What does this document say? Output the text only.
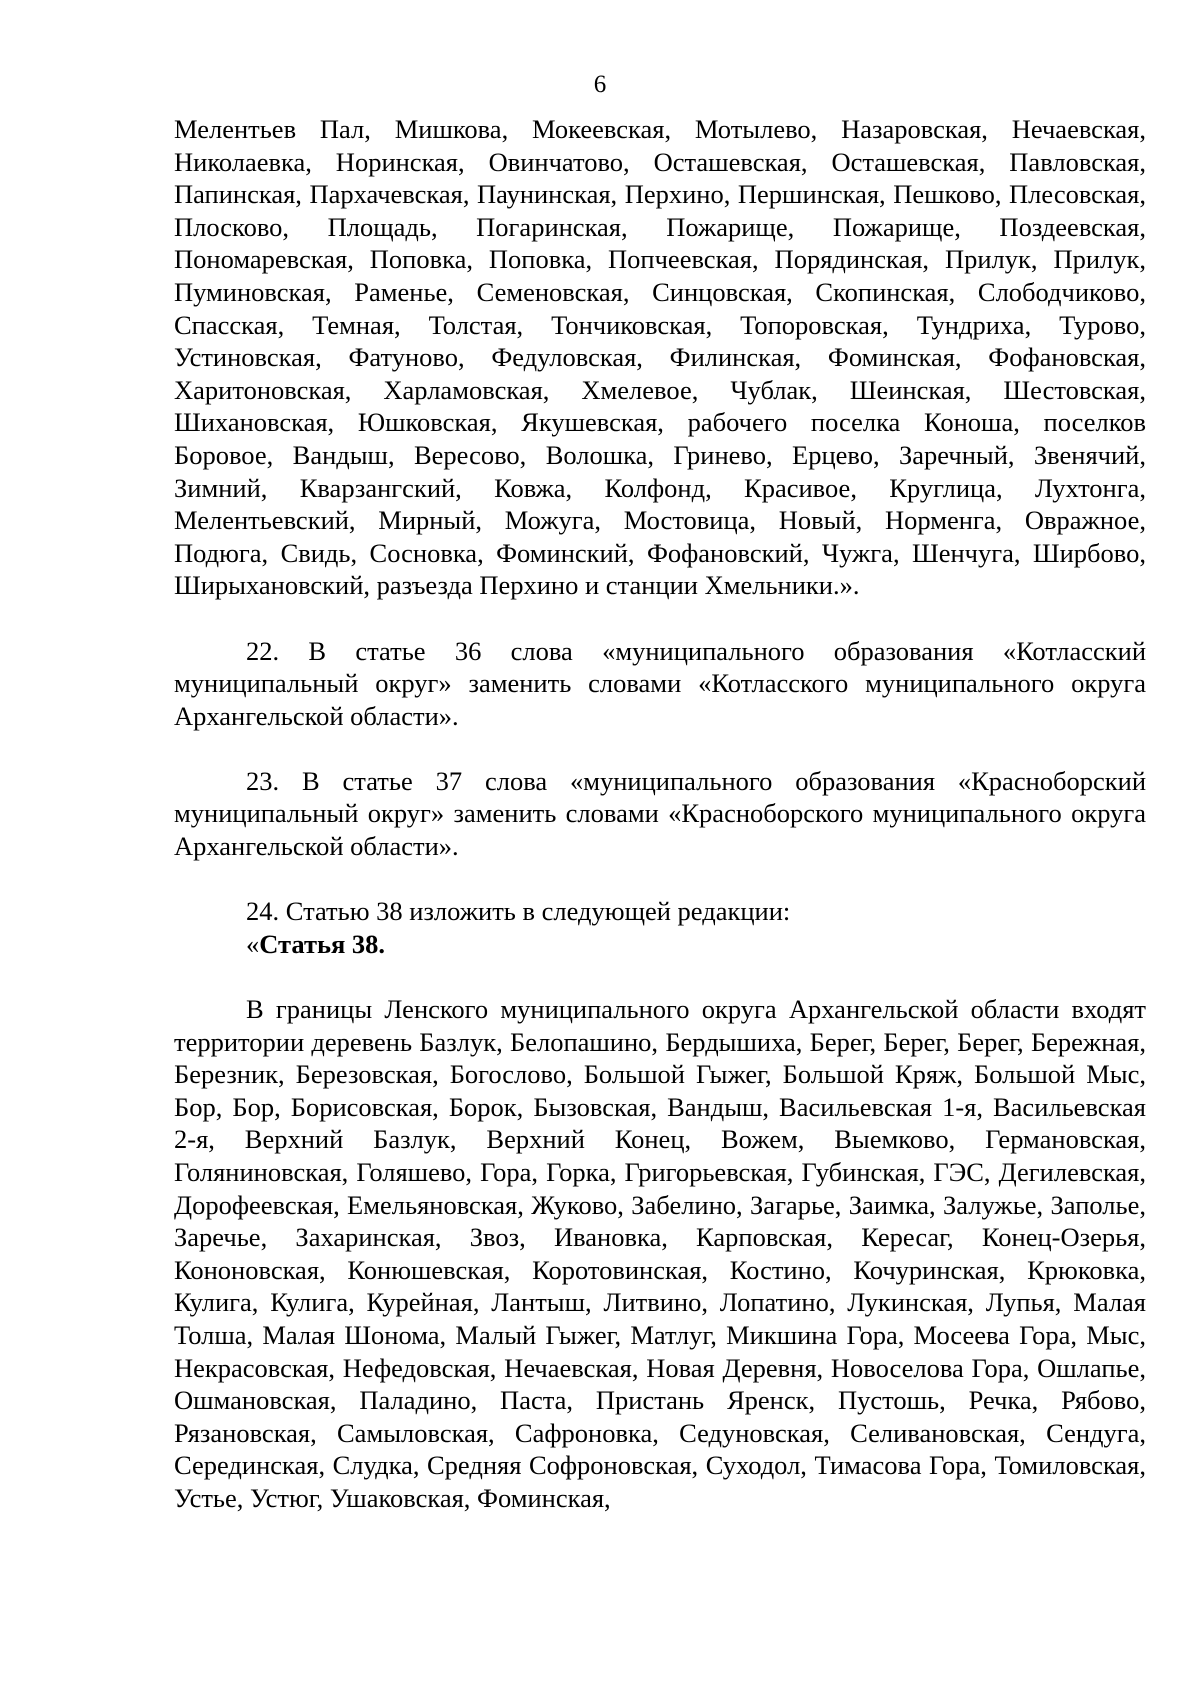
6

Мелентьев Пал, Мишкова, Мокеевская, Мотылево, Назаровская, Нечаевская, Николаевка, Норинская, Овинчатово, Осташевская, Осташевская, Павловская, Папинская, Пархачевская, Паунинская, Перхино, Першинская, Пешково, Плесовская, Плосково, Площадь, Погаринская, Пожарище, Пожарище, Поздеевская, Пономаревская, Поповка, Поповка, Попчеевская, Порядинская, Прилук, Прилук, Пуминовская, Раменье, Семеновская, Синцовская, Скопинская, Слободчиково, Спасская, Темная, Толстая, Тончиковская, Топоровская, Тундриха, Турово, Устиновская, Фатуново, Федуловская, Филинская, Фоминская, Фофановская, Харитоновская, Харламовская, Хмелевое, Чублак, Шеинская, Шестовская, Шихановская, Юшковская, Якушевская, рабочего поселка Коноша, поселков Боровое, Вандыш, Вересово, Волошка, Гринево, Ерцево, Заречный, Звенячий, Зимний, Кварзангский, Ковжа, Колфонд, Красивое, Круглица, Лухтонга, Мелентьевский, Мирный, Можуга, Мостовица, Новый, Норменга, Овражное, Подюга, Свидь, Сосновка, Фоминский, Фофановский, Чужга, Шенчуга, Ширбово, Ширыхановский, разъезда Перхино и станции Хмельники.».

22. В статье 36 слова «муниципального образования «Котласский муниципальный округ» заменить словами «Котласского муниципального округа Архангельской области».

23. В статье 37 слова «муниципального образования «Красноборский муниципальный округ» заменить словами «Красноборского муниципального округа Архангельской области».

24. Статью 38 изложить в следующей редакции:

«Статья 38.

В границы Ленского муниципального округа Архангельской области входят территории деревень Базлук, Белопашино, Бердышиха, Берег, Берег, Берег, Бережная, Березник, Березовская, Богослово, Большой Гыжег, Большой Кряж, Большой Мыс, Бор, Бор, Борисовская, Борок, Бызовская, Вандыш, Васильевская 1-я, Васильевская 2-я, Верхний Базлук, Верхний Конец, Вожем, Выемково, Германовская, Голяниновская, Голяшево, Гора, Горка, Григорьевская, Губинская, ГЭС, Дегилевская, Дорофеевская, Емельяновская, Жуково, Забелино, Загарье, Заимка, Залужье, Заполье, Заречье, Захаринская, Звоз, Ивановка, Карповская, Кересаг, Конец-Озерья, Кононовская, Конюшевская, Коротовинская, Костино, Кочуринская, Крюковка, Кулига, Кулига, Курейная, Лантыш, Литвино, Лопатино, Лукинская, Лупья, Малая Толша, Малая Шонома, Малый Гыжег, Матлуг, Микшина Гора, Мосеева Гора, Мыс, Некрасовская, Нефедовская, Нечаевская, Новая Деревня, Новоселова Гора, Ошлапье, Ошмановская, Паладино, Паста, Пристань Яренск, Пустошь, Речка, Рябово, Рязановская, Самыловская, Сафроновка, Седуновская, Селивановская, Сендуга, Серединская, Слудка, Средняя Софроновская, Суходол, Тимасова Гора, Томиловская, Устье, Устюг, Ушаковская, Фоминская,
